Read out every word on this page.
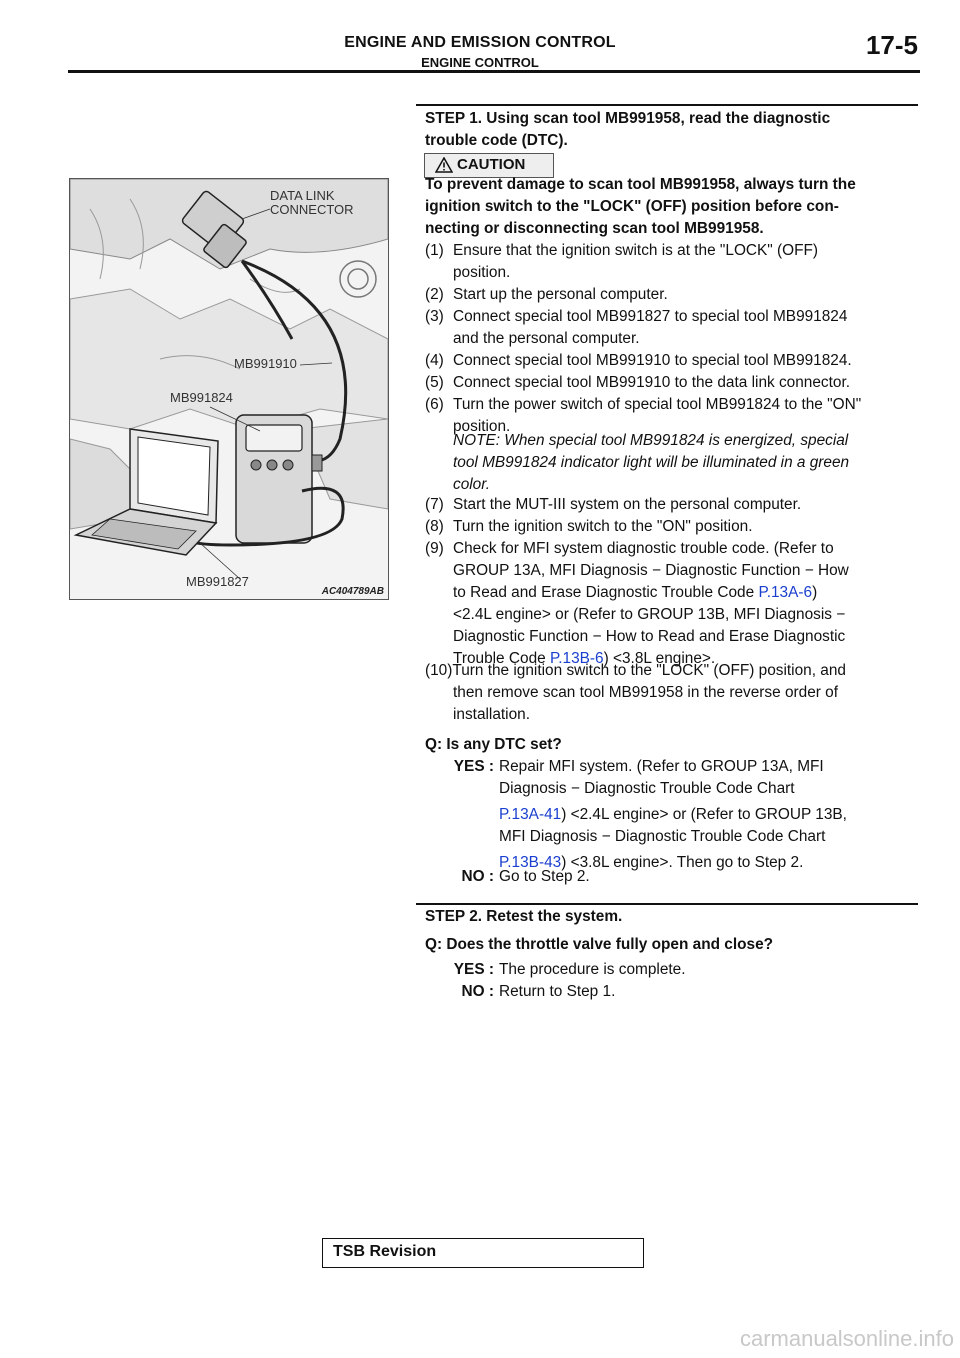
ENGINE AND EMISSION CONTROL
ENGINE CONTROL
17-5
DATA LINK
CONNECTOR
MB991910
MB991824
MB991827
AC404789AB
STEP 1. Using scan tool MB991958, read the diagnostic
trouble code (DTC).
CAUTION
To prevent damage to scan tool MB991958, always turn the
ignition switch to the "LOCK" (OFF) position before con-
necting or disconnecting scan tool MB991958.
(1) Ensure that the ignition switch is at the "LOCK" (OFF)
position.
(2) Start up the personal computer.
(3) Connect special tool MB991827 to special tool MB991824
and the personal computer.
(4) Connect special tool MB991910 to special tool MB991824.
(5) Connect special tool MB991910 to the data link connector.
(6) Turn the power switch of special tool MB991824 to the "ON"
position.
NOTE: When special tool MB991824 is energized, special
tool MB991824 indicator light will be illuminated in a green
color.
(7) Start the MUT-III system on the personal computer.
(8) Turn the ignition switch to the "ON" position.
(9) Check for MFI system diagnostic trouble code. (Refer to
GROUP 13A, MFI Diagnosis − Diagnostic Function − How
to Read and Erase Diagnostic Trouble Code P.13A-6)
<2.4L engine> or (Refer to GROUP 13B, MFI Diagnosis −
Diagnostic Function − How to Read and Erase Diagnostic
Trouble Code P.13B-6) <3.8L engine>.
(10)Turn the ignition switch to the "LOCK" (OFF) position, and
then remove scan tool MB991958 in the reverse order of
installation.
Q: Is any DTC set?
YES : Repair MFI system. (Refer to GROUP 13A, MFI
Diagnosis − Diagnostic Trouble Code Chart
P.13A-41) <2.4L engine> or (Refer to GROUP 13B,
MFI Diagnosis − Diagnostic Trouble Code Chart
P.13B-43) <3.8L engine>. Then go to Step 2.
NO : Go to Step 2.
STEP 2. Retest the system.
Q: Does the throttle valve fully open and close?
YES : The procedure is complete.
NO : Return to Step 1.
TSB Revision
carmanualsonline.info
